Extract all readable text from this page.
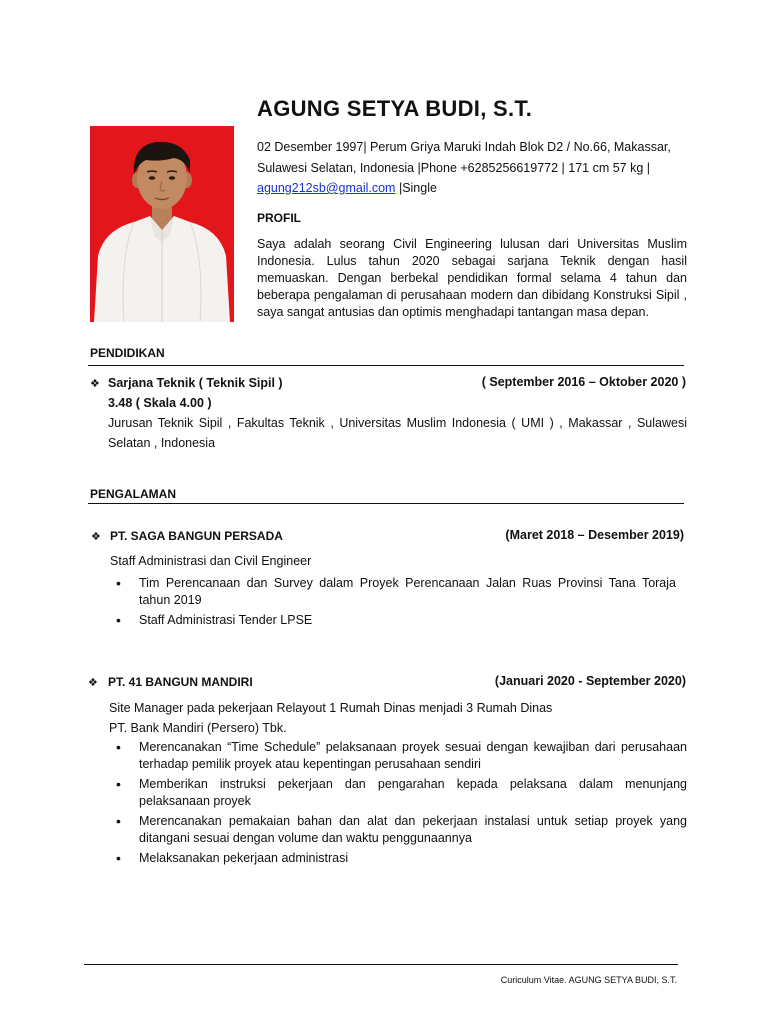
AGUNG SETYA BUDI, S.T.

02 Desember 1997| Perum Griya Maruki Indah Blok D2 / No.66, Makassar,
Sulawesi Selatan, Indonesia |Phone +6285256619772 | 171 cm 57 kg |
agung212sb@gmail.com |Single

PROFIL

Saya adalah seorang Civil Engineering lulusan dari Universitas Muslim Indonesia. Lulus tahun 2020 sebagai sarjana Teknik dengan hasil memuaskan. Dengan berbekal pendidikan formal selama 4 tahun dan beberapa pengalaman di perusahaan modern dan dibidang Konstruksi Sipil , saya sangat antusias dan optimis menghadapi tantangan masa depan.

PENDIDIKAN
❖ Sarjana Teknik ( Teknik Sipil )	( September 2016 – Oktober 2020 )
3.48 ( Skala 4.00 )
Jurusan Teknik Sipil , Fakultas Teknik , Universitas Muslim Indonesia ( UMI ) , Makassar , Sulawesi
Selatan , Indonesia
PENGALAMAN
❖ PT. SAGA BANGUN PERSADA	(Maret 2018 – Desember 2019)
Staff Administrasi dan Civil Engineer
• Tim Perencanaan dan Survey dalam Proyek Perencanaan Jalan Ruas Provinsi Tana Toraja tahun 2019
• Staff Administrasi Tender LPSE
❖ PT. 41 BANGUN MANDIRI	(Januari 2020 - September 2020)
Site Manager pada pekerjaan Relayout 1 Rumah Dinas menjadi 3 Rumah Dinas
PT. Bank Mandiri (Persero) Tbk.
• Merencanakan “Time Schedule” pelaksanaan proyek sesuai dengan kewajiban dari perusahaan terhadap pemilik proyek atau kepentingan perusahaan sendiri
• Memberikan instruksi pekerjaan dan pengarahan kepada pelaksana dalam menunjang pelaksanaan proyek
• Merencanakan pemakaian bahan dan alat dan pekerjaan instalasi untuk setiap proyek yang ditangani sesuai dengan volume dan waktu penggunaannya
• Melaksanakan pekerjaan administrasi
Curiculum Vitae. AGUNG SETYA BUDI, S.T.
